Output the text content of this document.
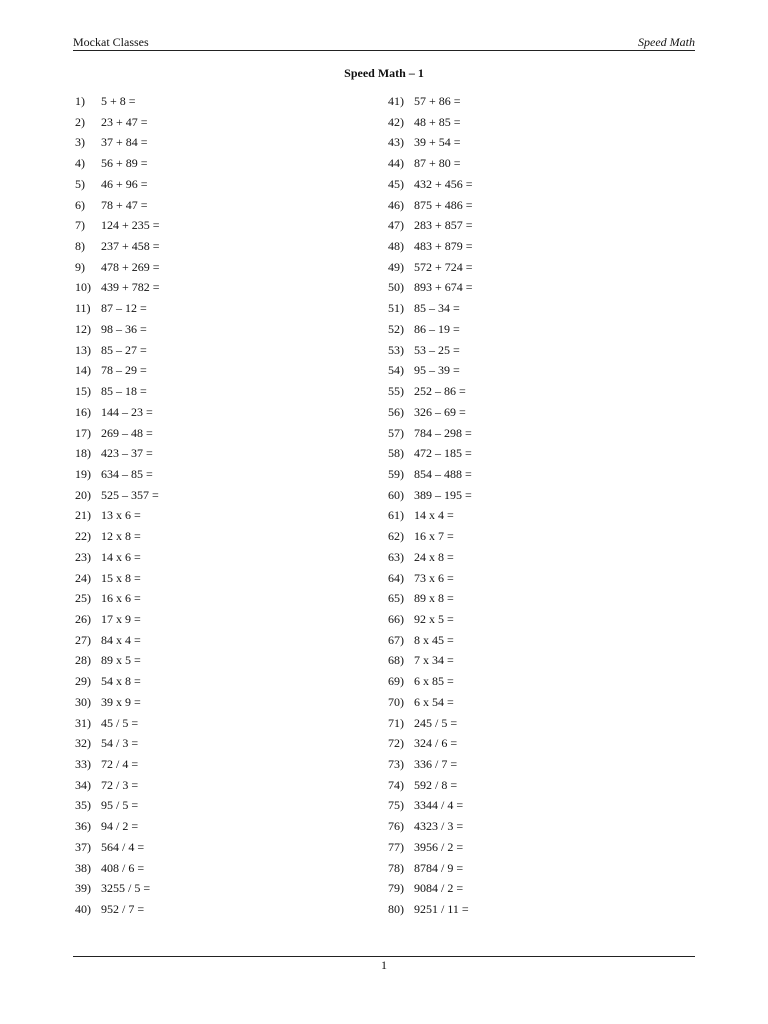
Mockat Classes	Speed Math
Speed Math – 1
1) 5 + 8 =
2) 23 + 47 =
3) 37 + 84 =
4) 56 + 89 =
5) 46 + 96 =
6) 78 + 47 =
7) 124 + 235 =
8) 237 + 458 =
9) 478 + 269 =
10) 439 + 782 =
11) 87 – 12 =
12) 98 – 36 =
13) 85 – 27 =
14) 78 – 29 =
15) 85 – 18 =
16) 144 – 23 =
17) 269 – 48 =
18) 423 – 37 =
19) 634 – 85 =
20) 525 – 357 =
21) 13 x 6 =
22) 12 x 8 =
23) 14 x 6 =
24) 15 x 8 =
25) 16 x 6 =
26) 17 x 9 =
27) 84 x 4 =
28) 89 x 5 =
29) 54 x 8 =
30) 39 x 9 =
31) 45 / 5 =
32) 54 / 3 =
33) 72 / 4 =
34) 72 / 3 =
35) 95 / 5 =
36) 94 / 2 =
37) 564 / 4 =
38) 408 / 6 =
39) 3255 / 5 =
40) 952 / 7 =
41) 57 + 86 =
42) 48 + 85 =
43) 39 + 54 =
44) 87 + 80 =
45) 432 + 456 =
46) 875 + 486 =
47) 283 + 857 =
48) 483 + 879 =
49) 572 + 724 =
50) 893 + 674 =
51) 85 – 34 =
52) 86 – 19 =
53) 53 – 25 =
54) 95 – 39 =
55) 252 – 86 =
56) 326 – 69 =
57) 784 – 298 =
58) 472 – 185 =
59) 854 – 488 =
60) 389 – 195 =
61) 14 x 4 =
62) 16 x 7 =
63) 24 x 8 =
64) 73 x 6 =
65) 89 x 8 =
66) 92 x 5 =
67) 8 x 45 =
68) 7 x 34 =
69) 6 x 85 =
70) 6 x 54 =
71) 245 / 5 =
72) 324 / 6 =
73) 336 / 7 =
74) 592 / 8 =
75) 3344 / 4 =
76) 4323 / 3 =
77) 3956 / 2 =
78) 8784 / 9 =
79) 9084 / 2 =
80) 9251 / 11 =
1
